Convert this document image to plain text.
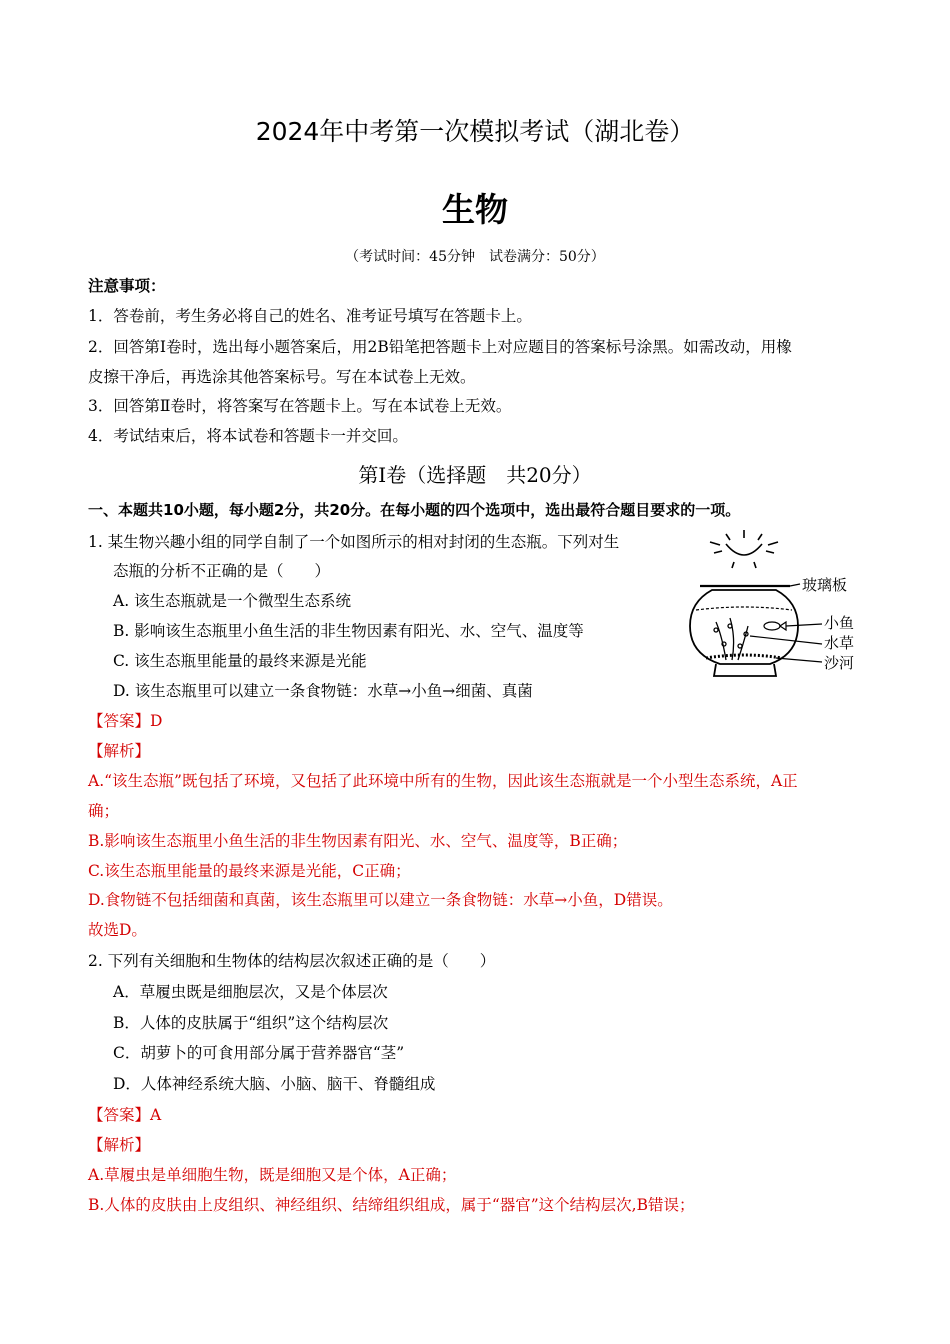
2024年中考第一次模拟考试（湖北卷）
生物
（考试时间：45分钟　试卷满分：50分）
注意事项：
1．答卷前，考生务必将自己的姓名、准考证号填写在答题卡上。
2．回答第Ⅰ卷时，选出每小题答案后，用2B铅笔把答题卡上对应题目的答案标号涂黑。如需改动，用橡
皮擦干净后，再选涂其他答案标号。写在本试卷上无效。
3．回答第Ⅱ卷时，将答案写在答题卡上。写在本试卷上无效。
4．考试结束后，将本试卷和答题卡一并交回。
第Ⅰ卷（选择题　共20分）
一、本题共10小题，每小题2分，共20分。在每小题的四个选项中，选出最符合题目要求的一项。
1. 某生物兴趣小组的同学自制了一个如图所示的相对封闭的生态瓶。下列对生
态瓶的分析不正确的是（　　）
A. 该生态瓶就是一个微型生态系统
B. 影响该生态瓶里小鱼生活的非生物因素有阳光、水、空气、温度等
C. 该生态瓶里能量的最终来源是光能
D. 该生态瓶里可以建立一条食物链：水草→小鱼→细菌、真菌
玻璃板
小鱼
水草
沙河
【答案】D
【解析】
A.“该生态瓶”既包括了环境，又包括了此环境中所有的生物，因此该生态瓶就是一个小型生态系统，A正
确；
B.影响该生态瓶里小鱼生活的非生物因素有阳光、水、空气、温度等，B正确；
C.该生态瓶里能量的最终来源是光能，C正确；
D.食物链不包括细菌和真菌，该生态瓶里可以建立一条食物链：水草→小鱼，D错误。
故选D。
2. 下列有关细胞和生物体的结构层次叙述正确的是（　　）
A．草履虫既是细胞层次，又是个体层次
B．人体的皮肤属于“组织”这个结构层次
C．胡萝卜的可食用部分属于营养器官“茎”
D．人体神经系统大脑、小脑、脑干、脊髓组成
【答案】A
【解析】
A.草履虫是单细胞生物，既是细胞又是个体，A正确；
B.人体的皮肤由上皮组织、神经组织、结缔组织组成，属于“器官”这个结构层次,B错误；
